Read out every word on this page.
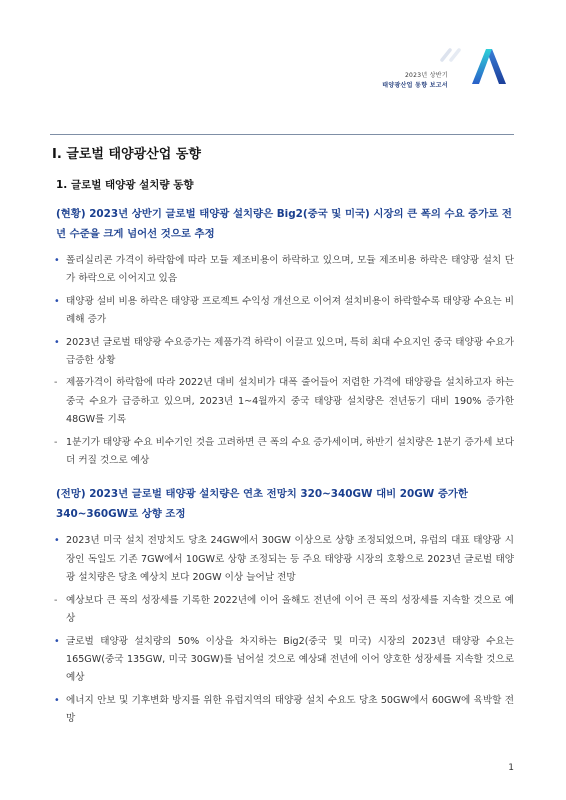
2023년 상반기
태양광산업 동향 보고서
I. 글로벌 태양광산업 동향
1. 글로벌 태양광 설치량 동향
(현황) 2023년 상반기 글로벌 태양광 설치량은 Big2(중국 및 미국) 시장의 큰 폭의 수요 증가로 전년 수준을 크게 넘어선 것으로 추정
• 폴리실리콘 가격이 하락함에 따라 모듈 제조비용이 하락하고 있으며, 모듈 제조비용 하락은 태양광 설치 단가 하락으로 이어지고 있음
• 태양광 설비 비용 하락은 태양광 프로젝트 수익성 개선으로 이어져 설치비용이 하락할수록 태양광 수요는 비례해 증가
• 2023년 글로벌 태양광 수요증가는 제품가격 하락이 이끌고 있으며, 특히 최대 수요지인 중국 태양광 수요가 급증한 상황
- 제품가격이 하락함에 따라 2022년 대비 설치비가 대폭 줄어들어 저렴한 가격에 태양광을 설치하고자 하는 중국 수요가 급증하고 있으며, 2023년 1~4월까지 중국 태양광 설치량은 전년동기 대비 190% 증가한 48GW를 기록
- 1분기가 태양광 수요 비수기인 것을 고려하면 큰 폭의 수요 증가세이며, 하반기 설치량은 1분기 증가세 보다 더 커질 것으로 예상
(전망) 2023년 글로벌 태양광 설치량은 연초 전망치 320~340GW 대비 20GW 증가한 340~360GW로 상향 조정
• 2023년 미국 설치 전망치도 당초 24GW에서 30GW 이상으로 상향 조정되었으며, 유럽의 대표 태양광 시장인 독일도 기존 7GW에서 10GW로 상향 조정되는 등 주요 태양광 시장의 호황으로 2023년 글로벌 태양광 설치량은 당초 예상치 보다 20GW 이상 늘어날 전망
- 예상보다 큰 폭의 성장세를 기록한 2022년에 이어 올해도 전년에 이어 큰 폭의 성장세를 지속할 것으로 예상
• 글로벌 태양광 설치량의 50% 이상을 차지하는 Big2(중국 및 미국) 시장의 2023년 태양광 수요는 165GW(중국 135GW, 미국 30GW)를 넘어설 것으로 예상돼 전년에 이어 양호한 성장세를 지속할 것으로 예상
• 에너지 안보 및 기후변화 방지를 위한 유럽지역의 태양광 설치 수요도 당초 50GW에서 60GW에 육박할 전망
1
